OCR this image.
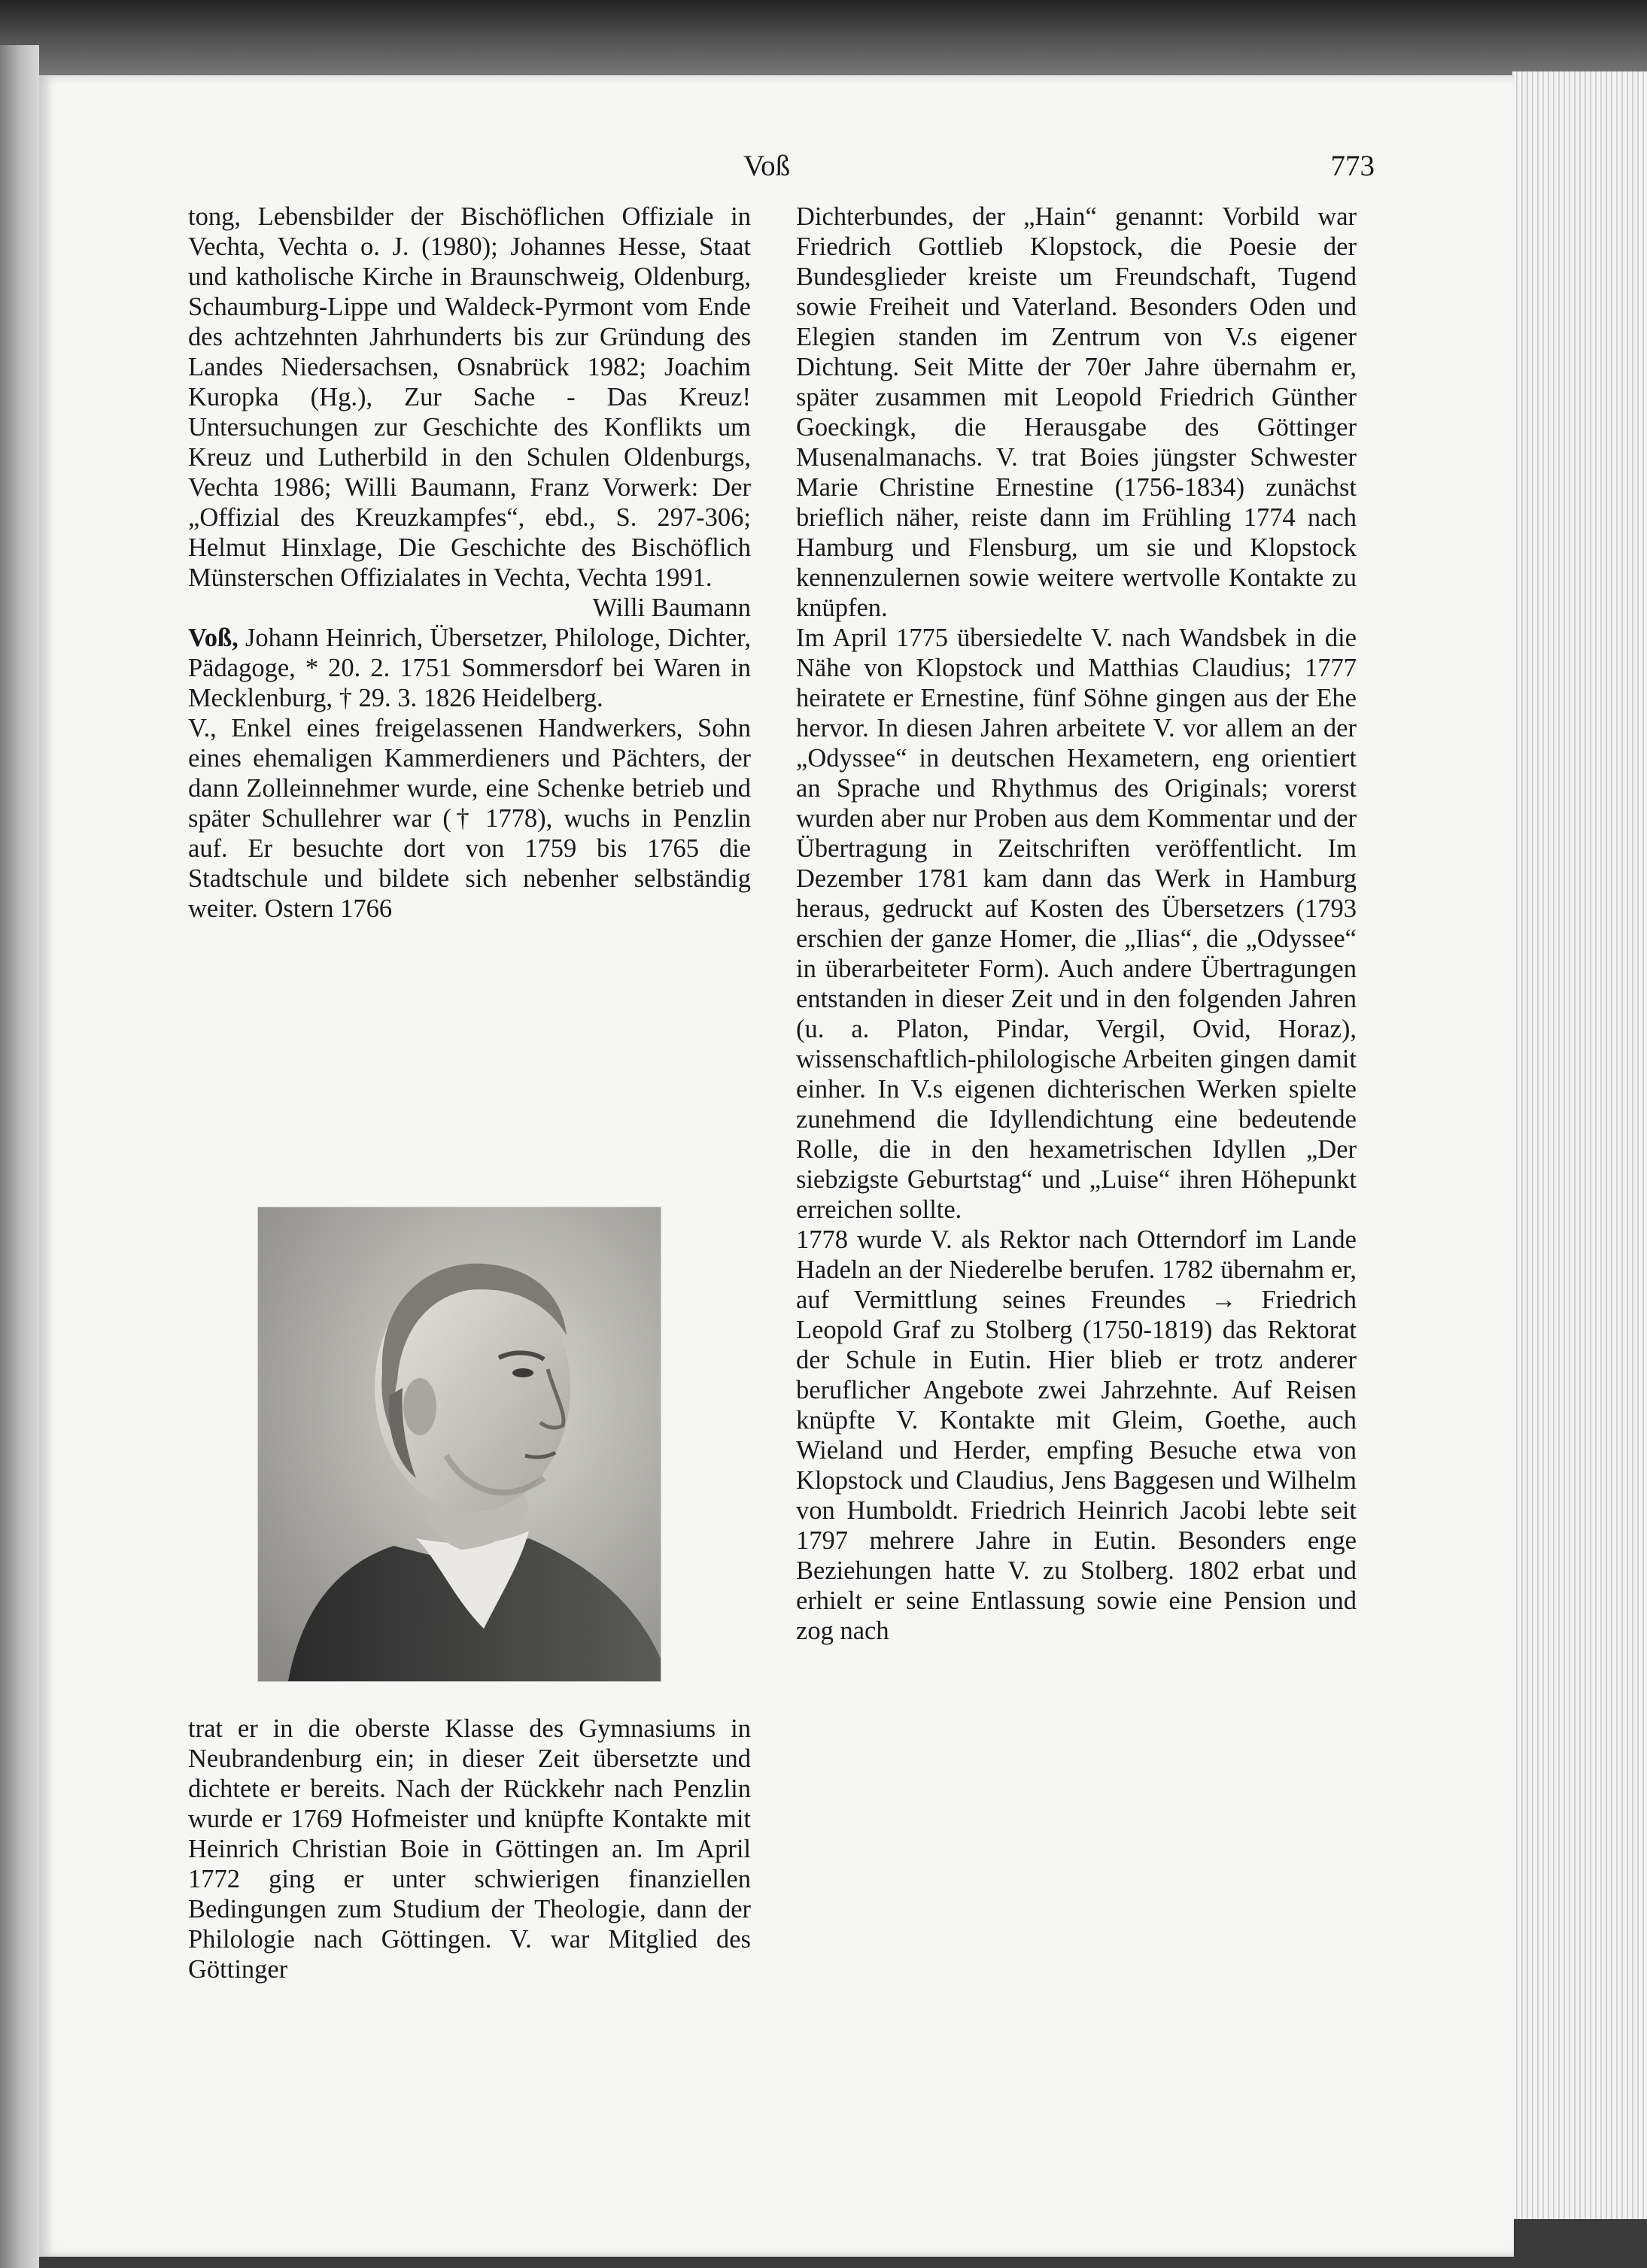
Voß	773

tong, Lebensbilder der Bischöflichen Offiziale in Vechta, Vechta o. J. (1980); Johannes Hesse, Staat und katholische Kirche in Braunschweig, Oldenburg, Schaumburg-Lippe und Waldeck-Pyrmont vom Ende des achtzehnten Jahrhunderts bis zur Gründung des Landes Niedersachsen, Osnabrück 1982; Joachim Kuropka (Hg.), Zur Sache - Das Kreuz! Untersuchungen zur Geschichte des Konflikts um Kreuz und Lutherbild in den Schulen Oldenburgs, Vechta 1986; Willi Baumann, Franz Vorwerk: Der „Offizial des Kreuzkampfes“, ebd., S. 297-306; Helmut Hinxlage, Die Geschichte des Bischöflich Münsterschen Offizialates in Vechta, Vechta 1991.

Willi Baumann

Voß, Johann Heinrich, Übersetzer, Philologe, Dichter, Pädagoge, * 20. 2. 1751 Sommersdorf bei Waren in Mecklenburg, † 29. 3. 1826 Heidelberg.

V., Enkel eines freigelassenen Handwerkers, Sohn eines ehemaligen Kammerdieners und Pächters, der dann Zolleinnehmer wurde, eine Schenke betrieb und später Schullehrer war († 1778), wuchs in Penzlin auf. Er besuchte dort von 1759 bis 1765 die Stadtschule und bildete sich nebenher selbständig weiter. Ostern 1766

trat er in die oberste Klasse des Gymnasiums in Neubrandenburg ein; in dieser Zeit übersetzte und dichtete er bereits. Nach der Rückkehr nach Penzlin wurde er 1769 Hofmeister und knüpfte Kontakte mit Heinrich Christian Boie in Göttingen an. Im April 1772 ging er unter schwierigen finanziellen Bedingungen zum Studium der Theologie, dann der Philologie nach Göttingen. V. war Mitglied des Göttinger

Dichterbundes, der „Hain“ genannt: Vorbild war Friedrich Gottlieb Klopstock, die Poesie der Bundesglieder kreiste um Freundschaft, Tugend sowie Freiheit und Vaterland. Besonders Oden und Elegien standen im Zentrum von V.s eigener Dichtung. Seit Mitte der 70er Jahre übernahm er, später zusammen mit Leopold Friedrich Günther Goeckingk, die Herausgabe des Göttinger Musenalmanachs. V. trat Boies jüngster Schwester Marie Christine Ernestine (1756-1834) zunächst brieflich näher, reiste dann im Frühling 1774 nach Hamburg und Flensburg, um sie und Klopstock kennenzulernen sowie weitere wertvolle Kontakte zu knüpfen.

Im April 1775 übersiedelte V. nach Wandsbek in die Nähe von Klopstock und Matthias Claudius; 1777 heiratete er Ernestine, fünf Söhne gingen aus der Ehe hervor. In diesen Jahren arbeitete V. vor allem an der „Odyssee“ in deutschen Hexametern, eng orientiert an Sprache und Rhythmus des Originals; vorerst wurden aber nur Proben aus dem Kommentar und der Übertragung in Zeitschriften veröffentlicht. Im Dezember 1781 kam dann das Werk in Hamburg heraus, gedruckt auf Kosten des Übersetzers (1793 erschien der ganze Homer, die „Ilias“, die „Odyssee“ in überarbeiteter Form). Auch andere Übertragungen entstanden in dieser Zeit und in den folgenden Jahren (u. a. Platon, Pindar, Vergil, Ovid, Horaz), wissenschaftlich-philologische Arbeiten gingen damit einher. In V.s eigenen dichterischen Werken spielte zunehmend die Idyllendichtung eine bedeutende Rolle, die in den hexametrischen Idyllen „Der siebzigste Geburtstag“ und „Luise“ ihren Höhepunkt erreichen sollte.

1778 wurde V. als Rektor nach Otterndorf im Lande Hadeln an der Niederelbe berufen. 1782 übernahm er, auf Vermittlung seines Freundes → Friedrich Leopold Graf zu Stolberg (1750-1819) das Rektorat der Schule in Eutin. Hier blieb er trotz anderer beruflicher Angebote zwei Jahrzehnte. Auf Reisen knüpfte V. Kontakte mit Gleim, Goethe, auch Wieland und Herder, empfing Besuche etwa von Klopstock und Claudius, Jens Baggesen und Wilhelm von Humboldt. Friedrich Heinrich Jacobi lebte seit 1797 mehrere Jahre in Eutin. Besonders enge Beziehungen hatte V. zu Stolberg. 1802 erbat und erhielt er seine Entlassung sowie eine Pension und zog nach
